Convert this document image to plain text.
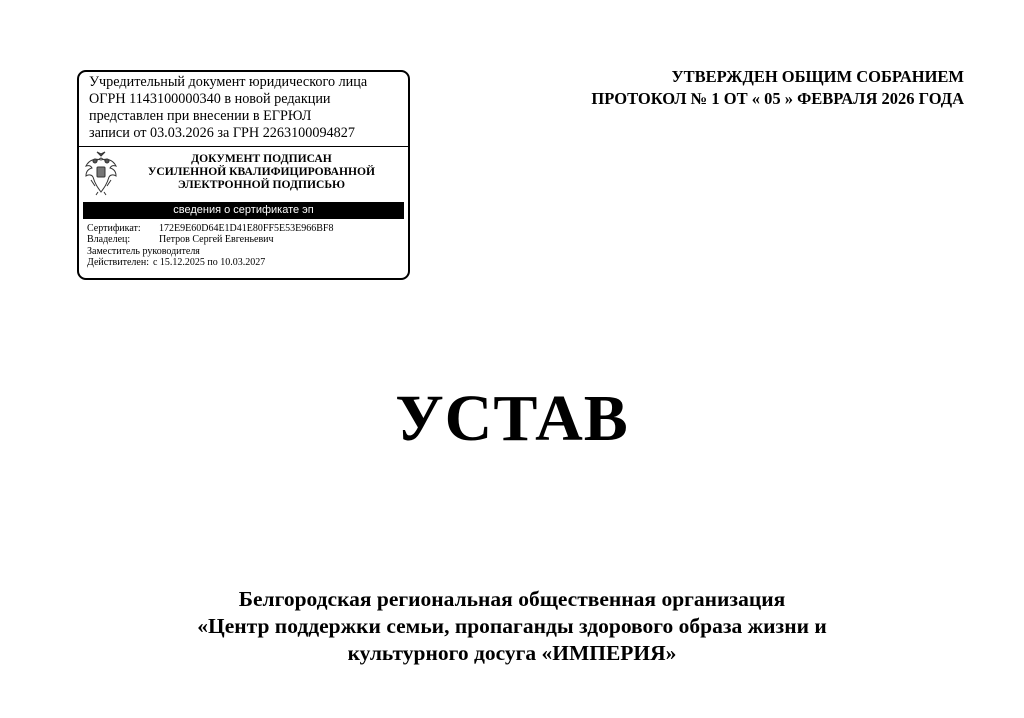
Учредительный документ юридического лица
ОГРН 1143100000340 в новой редакции
представлен при внесении в ЕГРЮЛ
записи от 03.03.2026 за ГРН 2263100094827
ДОКУМЕНТ ПОДПИСАН
УСИЛЕННОЙ КВАЛИФИЦИРОВАННОЙ
ЭЛЕКТРОННОЙ ПОДПИСЬЮ
сведения о сертификате эп
Сертификат:	172E9E60D64E1D41E80FF5E53E966BF8
Владелец:	Петров Сергей Евгеньевич
Заместитель руководителя
Действителен: с 15.12.2025 по 10.03.2027
УТВЕРЖДЕН ОБЩИМ СОБРАНИЕМ
ПРОТОКОЛ № 1 ОТ « 05 » ФЕВРАЛЯ 2026 ГОДА
УСТАВ
Белгородская региональная общественная организация
«Центр поддержки семьи, пропаганды здорового образа жизни и
культурного досуга «ИМПЕРИЯ»
